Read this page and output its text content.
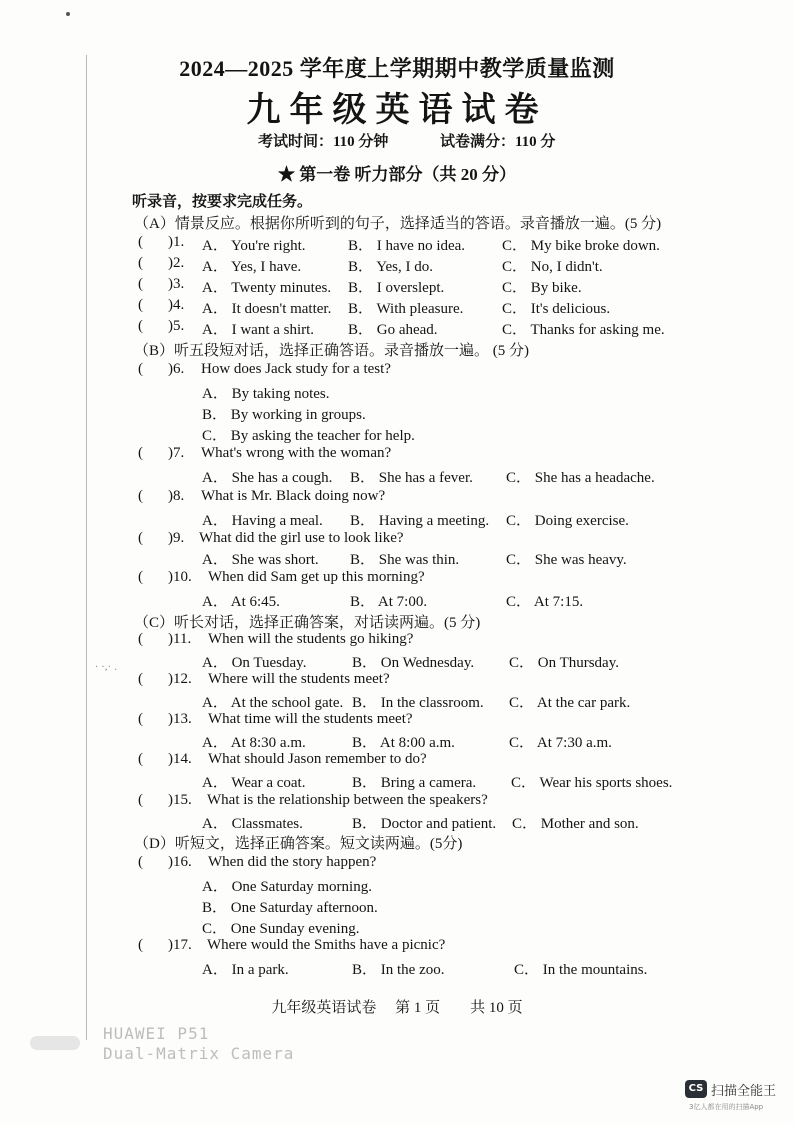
2024—2025 学年度上学期期中教学质量监测
九年级英语试卷
考试时间：110 分钟	试卷满分：110 分
★ 第一卷 听力部分（共 20 分）
听录音，按要求完成任务。
（A）情景反应。根据你所听到的句子，选择适当的答语。录音播放一遍。(5 分)
( )1. A． You're right.	B． I have no idea. C． My bike broke down.
( )2. A． Yes, I have.	B． Yes, I do.	C． No, I didn't.
( )3. A． Twenty minutes. B． I overslept.	C． By bike.
( )4. A． It doesn't matter. B． With pleasure.	C． It's delicious.
( )5. A． I want a shirt. B． Go ahead.	C． Thanks for asking me.
（B）听五段短对话，选择正确答语。录音播放一遍。 (5 分)
( )6. How does Jack study for a test?
A． By taking notes.
B． By working in groups.
C． By asking the teacher for help.
( )7. What's wrong with the woman?
A． She has a cough. B． She has a fever. C． She has a headache.
( )8. What is Mr. Black doing now?
A． Having a meal. B． Having a meeting. C． Doing exercise.
( )9. What did the girl use to look like?
A． She was short. B． She was thin.	C． She was heavy.
( )10. When did Sam get up this morning?
A． At 6:45.	B． At 7:00.	C． At 7:15.
（C）听长对话，选择正确答案，对话读两遍。(5 分)
( )11. When will the students go hiking?
A． On Tuesday.	B． On Wednesday. C． On Thursday.
· ·‚· .
( )12. Where will the students meet?
A． At the school gate. B． In the classroom. C． At the car park.
( )13. What time will the students meet?
A． At 8:30 a.m.	B． At 8:00 a.m.	C． At 7:30 a.m.
( )14. What should Jason remember to do?
A． Wear a coat.	B． Bring a camera. C． Wear his sports shoes.
( )15. What is the relationship between the speakers?
A． Classmates.	B． Doctor and patient. C． Mother and son.
（D）听短文，选择正确答案。短文读两遍。(5分)
( )16. When did the story happen?
A． One Saturday morning.
B． One Saturday afternoon.
C． One Sunday evening.
( )17. Where would the Smiths have a picnic?
A． In a park.	B． In the zoo.	C． In the mountains.
九年级英语试卷　 第 1 页　　共 10 页
HUAWEI P51
Dual-Matrix Camera
CS 扫描全能王
3亿人都在用的扫描App
